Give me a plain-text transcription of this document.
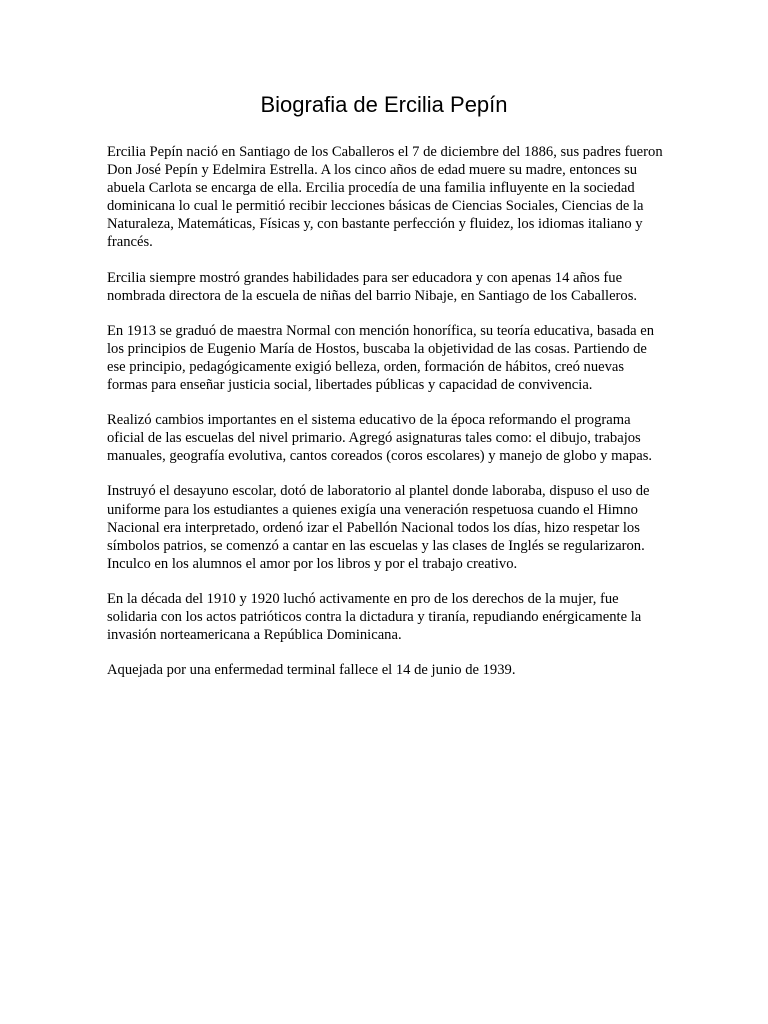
Biografia de Ercilia Pepín

Ercilia Pepín nació en Santiago de los Caballeros el 7 de diciembre del 1886, sus padres fueron Don José Pepín y Edelmira Estrella. A los cinco años de edad muere su madre, entonces su abuela Carlota se encarga de ella. Ercilia procedía de una familia influyente en la sociedad dominicana lo cual le permitió recibir lecciones básicas de Ciencias Sociales, Ciencias de la Naturaleza, Matemáticas, Físicas y, con bastante perfección y fluidez, los idiomas italiano y francés.

Ercilia siempre mostró grandes habilidades para ser educadora y con apenas 14 años fue nombrada directora de la escuela de niñas del barrio Nibaje, en Santiago de los Caballeros.

En 1913 se graduó de maestra Normal con mención honorífica, su teoría educativa, basada en los principios de Eugenio María de Hostos, buscaba la objetividad de las cosas. Partiendo de ese principio, pedagógicamente exigió belleza, orden, formación de hábitos, creó nuevas formas para enseñar justicia social, libertades públicas y capacidad de convivencia.

Realizó cambios importantes en el sistema educativo de la época reformando el programa oficial de las escuelas del nivel primario. Agregó asignaturas tales como: el dibujo, trabajos manuales, geografía evolutiva, cantos coreados (coros escolares) y manejo de globo y mapas.

Instruyó el desayuno escolar, dotó de laboratorio al plantel donde laboraba, dispuso el uso de uniforme para los estudiantes a quienes exigía una veneración respetuosa cuando el Himno Nacional era interpretado, ordenó izar el Pabellón Nacional todos los días, hizo respetar los símbolos patrios, se comenzó a cantar en las escuelas y las clases de Inglés se regularizaron. Inculco en los alumnos el amor por los libros y por el trabajo creativo.

En la década del 1910 y 1920 luchó activamente en pro de los derechos de la mujer, fue solidaria con los actos patrióticos contra la dictadura y tiranía, repudiando enérgicamente la invasión norteamericana a República Dominicana.

Aquejada por una enfermedad terminal fallece el 14 de junio de 1939.
